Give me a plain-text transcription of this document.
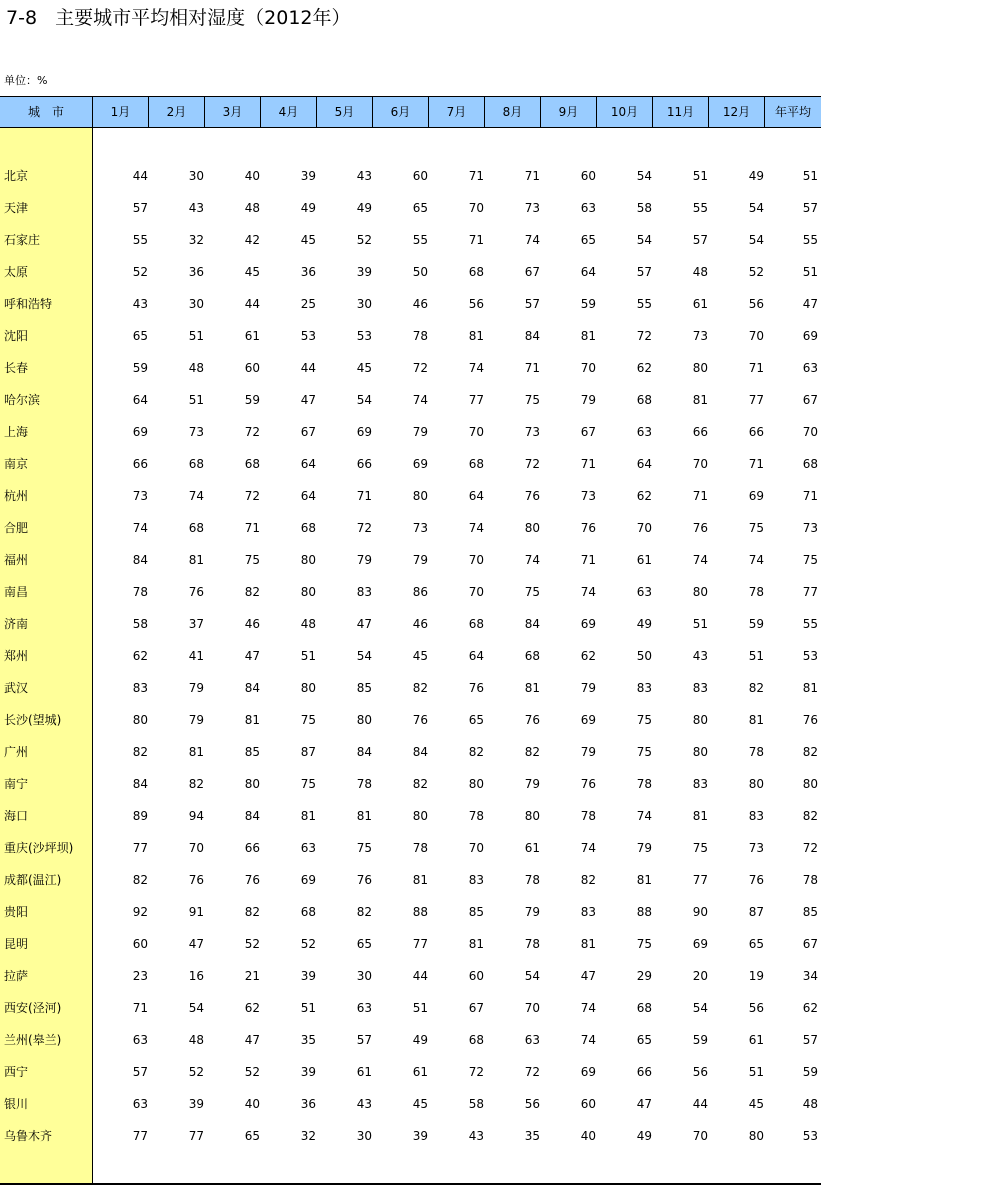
7-8   主要城市平均相对湿度（2012年）
单位：%
城　市	1月	2月	3月	4月	5月	6月	7月	8月	9月	10月	11月	12月	年平均
北京	44	30	40	39	43	60	71	71	60	54	51	49	51
天津	57	43	48	49	49	65	70	73	63	58	55	54	57
石家庄	55	32	42	45	52	55	71	74	65	54	57	54	55
太原	52	36	45	36	39	50	68	67	64	57	48	52	51
呼和浩特	43	30	44	25	30	46	56	57	59	55	61	56	47
沈阳	65	51	61	53	53	78	81	84	81	72	73	70	69
长春	59	48	60	44	45	72	74	71	70	62	80	71	63
哈尔滨	64	51	59	47	54	74	77	75	79	68	81	77	67
上海	69	73	72	67	69	79	70	73	67	63	66	66	70
南京	66	68	68	64	66	69	68	72	71	64	70	71	68
杭州	73	74	72	64	71	80	64	76	73	62	71	69	71
合肥	74	68	71	68	72	73	74	80	76	70	76	75	73
福州	84	81	75	80	79	79	70	74	71	61	74	74	75
南昌	78	76	82	80	83	86	70	75	74	63	80	78	77
济南	58	37	46	48	47	46	68	84	69	49	51	59	55
郑州	62	41	47	51	54	45	64	68	62	50	43	51	53
武汉	83	79	84	80	85	82	76	81	79	83	83	82	81
长沙(望城)	80	79	81	75	80	76	65	76	69	75	80	81	76
广州	82	81	85	87	84	84	82	82	79	75	80	78	82
南宁	84	82	80	75	78	82	80	79	76	78	83	80	80
海口	89	94	84	81	81	80	78	80	78	74	81	83	82
重庆(沙坪坝)	77	70	66	63	75	78	70	61	74	79	75	73	72
成都(温江)	82	76	76	69	76	81	83	78	82	81	77	76	78
贵阳	92	91	82	68	82	88	85	79	83	88	90	87	85
昆明	60	47	52	52	65	77	81	78	81	75	69	65	67
拉萨	23	16	21	39	30	44	60	54	47	29	20	19	34
西安(泾河)	71	54	62	51	63	51	67	70	74	68	54	56	62
兰州(皋兰)	63	48	47	35	57	49	68	63	74	65	59	61	57
西宁	57	52	52	39	61	61	72	72	69	66	56	51	59
银川	63	39	40	36	43	45	58	56	60	47	44	45	48
乌鲁木齐	77	77	65	32	30	39	43	35	40	49	70	80	53
